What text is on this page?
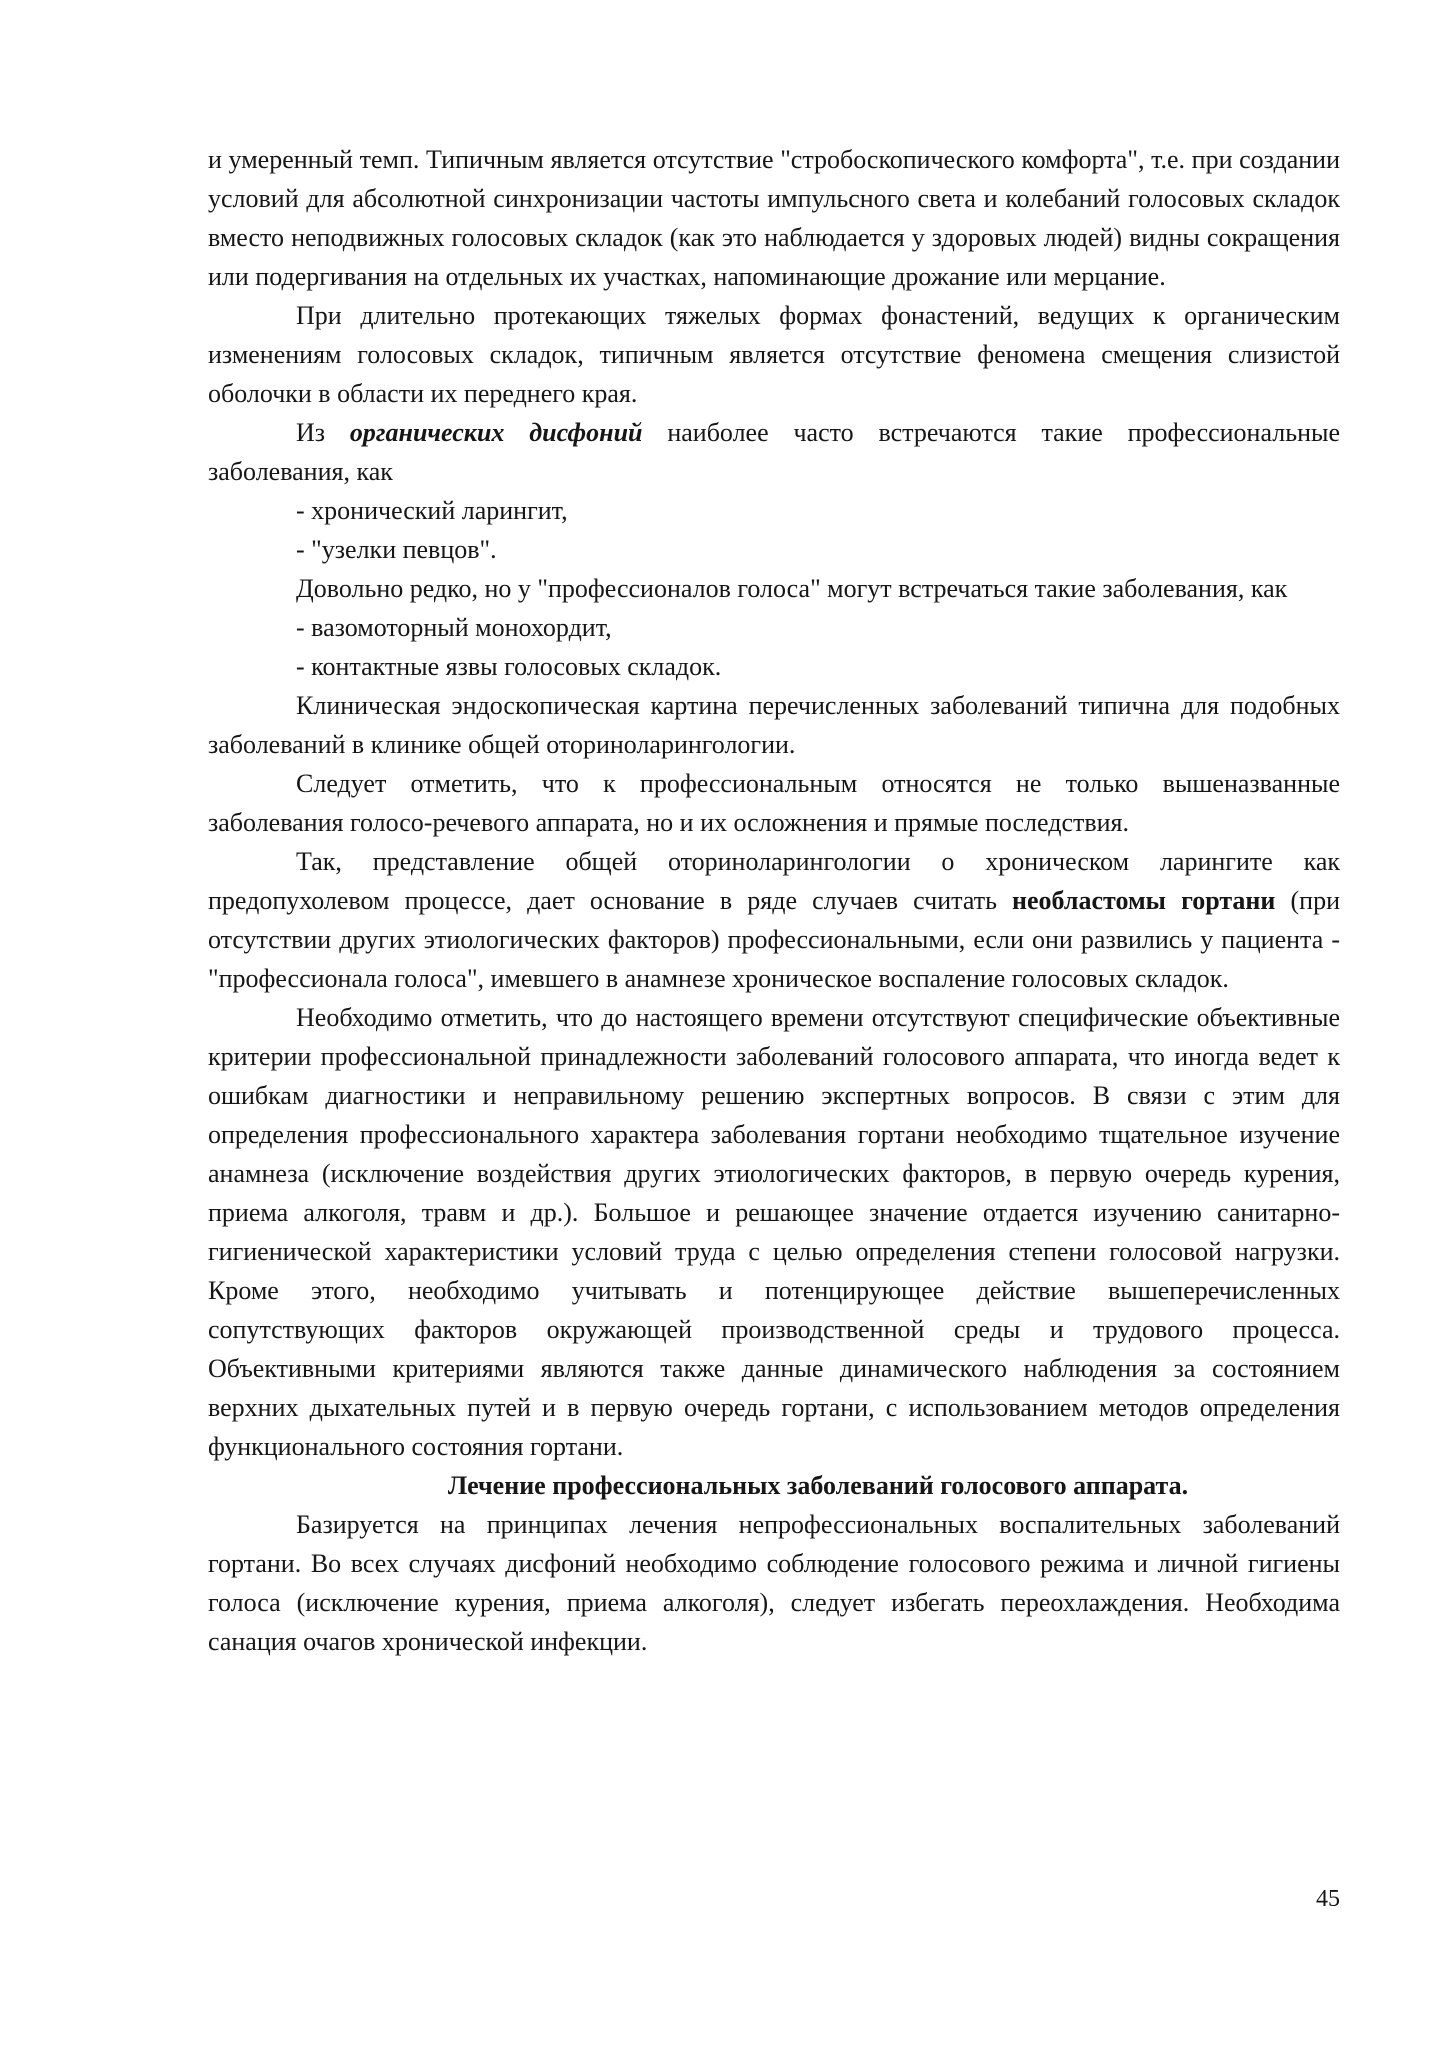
и умеренный темп. Типичным является отсутствие "стробоскопического комфорта", т.е. при создании условий для абсолютной синхронизации частоты импульсного света и колебаний голосовых складок вместо неподвижных голосовых складок (как это наблюдается у здоровых людей) видны сокращения или подергивания на отдельных их участках, напоминающие дрожание или мерцание.

При длительно протекающих тяжелых формах фонастений, ведущих к органическим изменениям голосовых складок, типичным является отсутствие феномена смещения слизистой оболочки в области их переднего края.

Из органических дисфоний наиболее часто встречаются такие профессиональные заболевания, как

- хронический ларингит,

- "узелки певцов".

Довольно редко, но у "профессионалов голоса" могут встречаться такие заболевания, как

- вазомоторный монохордит,

- контактные язвы голосовых складок.

Клиническая эндоскопическая картина перечисленных заболеваний типична для подобных заболеваний в клинике общей оториноларингологии.

Следует отметить, что к профессиональным относятся не только вышеназванные заболевания голосо-речевого аппарата, но и их осложнения и прямые последствия.

Так, представление общей оториноларингологии о хроническом ларингите как предопухолевом процессе, дает основание в ряде случаев считать необластомы гортани (при отсутствии других этиологических факторов) профессиональными, если они развились у пациента - "профессионала голоса", имевшего в анамнезе хроническое воспаление голосовых складок.

Необходимо отметить, что до настоящего времени отсутствуют специфические объективные критерии профессиональной принадлежности заболеваний голосового аппарата, что иногда ведет к ошибкам диагностики и неправильному решению экспертных вопросов. В связи с этим для определения профессионального характера заболевания гортани необходимо тщательное изучение анамнеза (исключение воздействия других этиологических факторов, в первую очередь курения, приема алкоголя, травм и др.). Большое и решающее значение отдается изучению санитарно-гигиенической характеристики условий труда с целью определения степени голосовой нагрузки. Кроме этого, необходимо учитывать и потенцирующее действие вышеперечисленных сопутствующих факторов окружающей производственной среды и трудового процесса. Объективными критериями являются также данные динамического наблюдения за состоянием верхних дыхательных путей и в первую очередь гортани, с использованием методов определения функционального состояния гортани.

Лечение профессиональных заболеваний голосового аппарата.

Базируется на принципах лечения непрофессиональных воспалительных заболеваний гортани. Во всех случаях дисфоний необходимо соблюдение голосового режима и личной гигиены голоса (исключение курения, приема алкоголя), следует избегать переохлаждения. Необходима санация очагов хронической инфекции.

45
